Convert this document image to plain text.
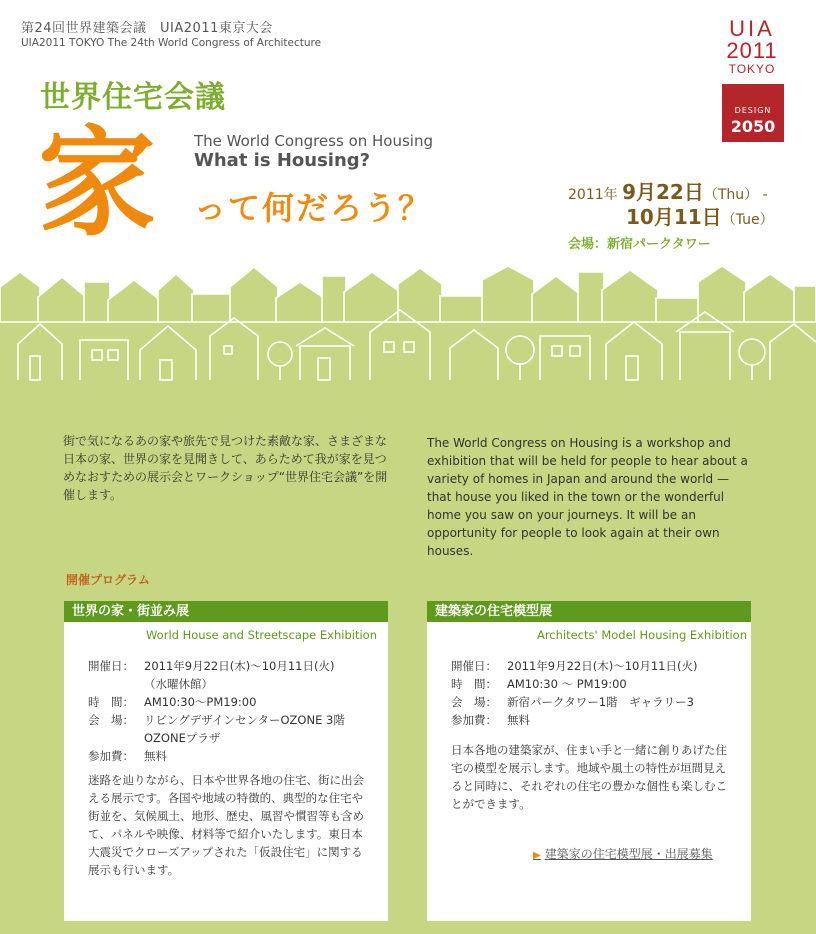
第24回世界建築会議　UIA2011東京大会
UIA2011 TOKYO The 24th World Congress of Architecture
UIA
2011
TOKYO
DESIGN
2050
世界住宅会議
家	The World Congress on Housing
What is Housing?
って何だろう？	2011年 9月22日（Thu） -
10月11日（Tue）
会場：新宿パークタワー
街で気になるあの家や旅先で見つけた素敵な家、さまざまな日本の家、世界の家を見聞きして、あらためて我が家を見つめなおすための展示会とワークショップ“世界住宅会議”を開催します。
The World Congress on Housing is a workshop and exhibition that will be held for people to hear about a variety of homes in Japan and around the world — that house you liked in the town or the wonderful home you saw on your journeys. It will be an opportunity for people to look again at their own houses.
開催プログラム
世界の家・街並み展
World House and Streetscape Exhibition
開催日： 2011年9月22日(木)～10月11日(火)
（水曜休館）
時　間： AM10:30～PM19:00
会　場： リビングデザインセンターOZONE 3階
OZONEプラザ
参加費： 無料
迷路を辿りながら、日本や世界各地の住宅、街に出会える展示です。各国や地域の特徴的、典型的な住宅や街並を、気候風土、地形、歴史、風習や慣習等も含めて、パネルや映像、材料等で紹介いたします。東日本大震災でクローズアップされた「仮設住宅」に関する展示も行います。
建築家の住宅模型展
Architects' Model Housing Exhibition
開催日： 2011年9月22日(木)～10月11日(火)
時　間： AM10:30 ～ PM19:00
会　場： 新宿パークタワー1階　ギャラリー3
参加費： 無料
日本各地の建築家が、住まい手と一緒に創りあげた住宅の模型を展示します。地域や風土の特性が垣間見えると同時に、それぞれの住宅の豊かな個性も楽しむことができます。
▶ 建築家の住宅模型展・出展募集
